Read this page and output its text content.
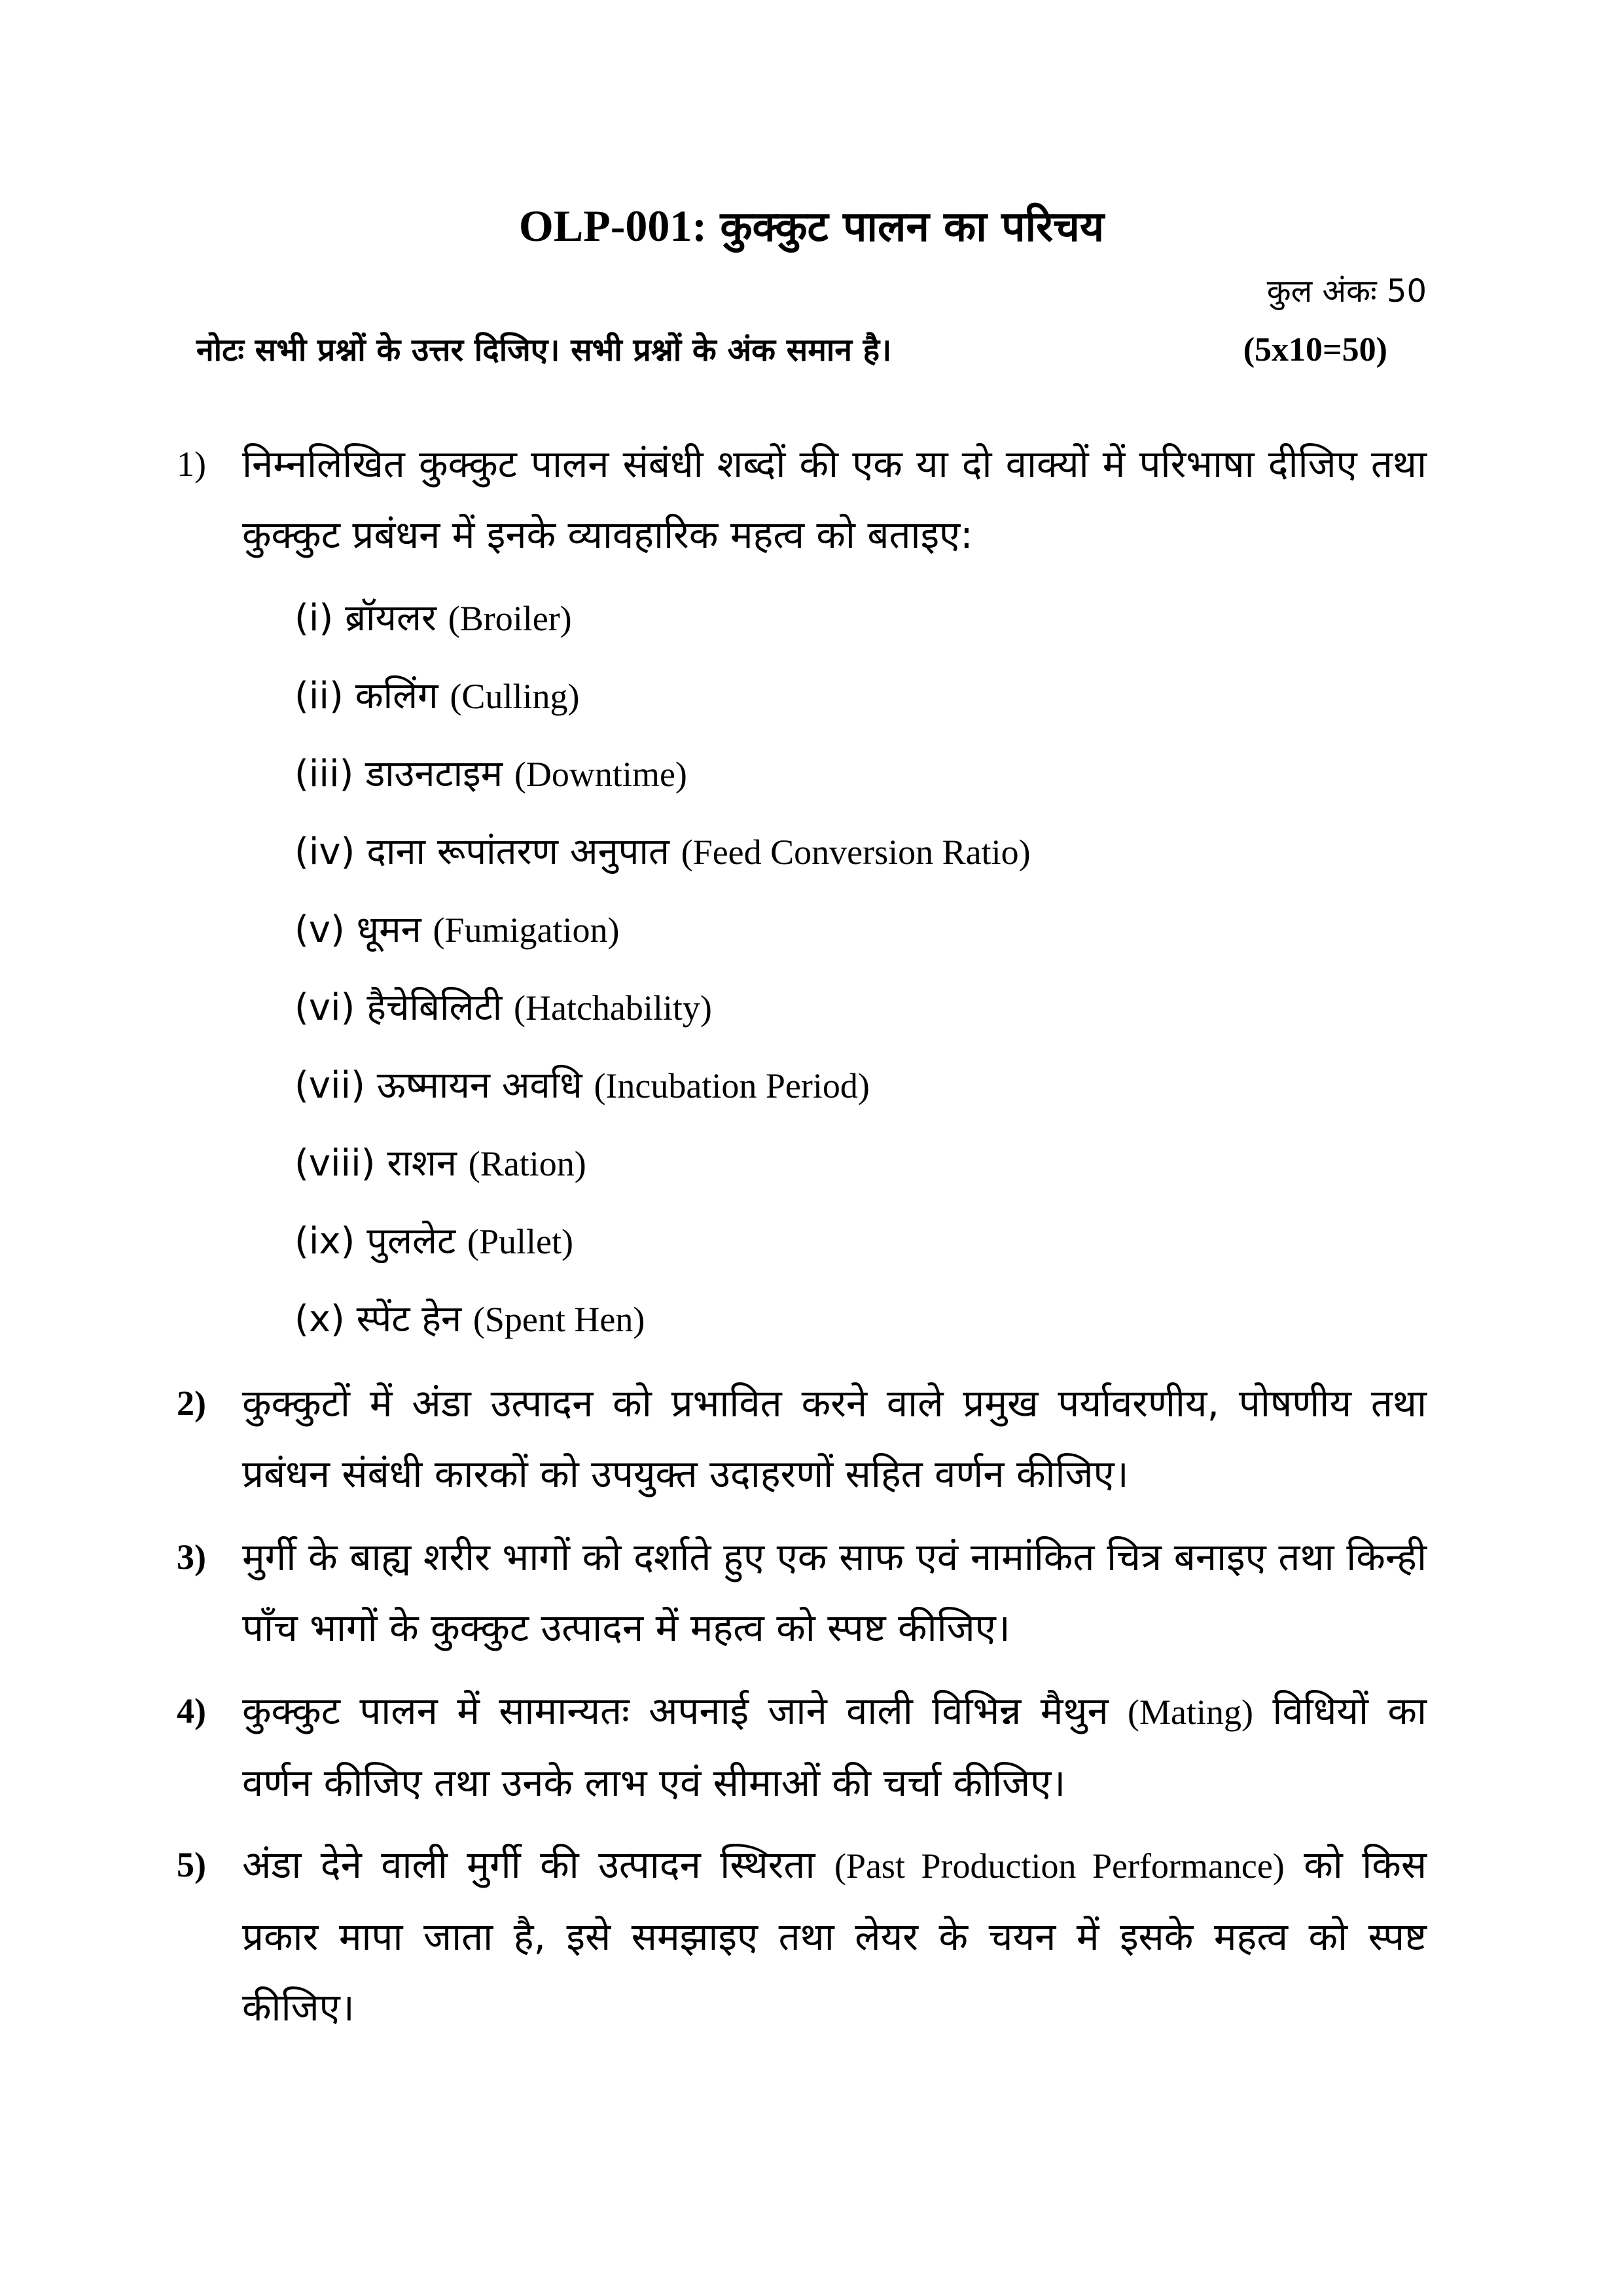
OLP-001: कुक्कुट पालन का परिचय
कुल अंकः 50
नोटः सभी प्रश्नों के उत्तर दिजिए। सभी प्रश्नों के अंक समान है।	(5x10=50)
1) निम्नलिखित कुक्कुट पालन संबंधी शब्दों की एक या दो वाक्यों में परिभाषा दीजिए तथा कुक्कुट प्रबंधन में इनके व्यावहारिक महत्व को बताइए:
(i) ब्रॉयलर (Broiler)
(ii) कलिंग (Culling)
(iii) डाउनटाइम (Downtime)
(iv) दाना रूपांतरण अनुपात (Feed Conversion Ratio)
(v) धूमन (Fumigation)
(vi) हैचेबिलिटी (Hatchability)
(vii) ऊष्मायन अवधि (Incubation Period)
(viii) राशन (Ration)
(ix) पुललेट (Pullet)
(x) स्पेंट हेन (Spent Hen)
2) कुक्कुटों में अंडा उत्पादन को प्रभावित करने वाले प्रमुख पर्यावरणीय, पोषणीय तथा प्रबंधन संबंधी कारकों को उपयुक्त उदाहरणों सहित वर्णन कीजिए।
3) मुर्गी के बाह्य शरीर भागों को दर्शाते हुए एक साफ एवं नामांकित चित्र बनाइए तथा किन्ही पाँच भागों के कुक्कुट उत्पादन में महत्व को स्पष्ट कीजिए।
4) कुक्कुट पालन में सामान्यतः अपनाई जाने वाली विभिन्न मैथुन (Mating) विधियों का वर्णन कीजिए तथा उनके लाभ एवं सीमाओं की चर्चा कीजिए।
5) अंडा देने वाली मुर्गी की उत्पादन स्थिरता (Past Production Performance) को किस प्रकार मापा जाता है, इसे समझाइए तथा लेयर के चयन में इसके महत्व को स्पष्ट कीजिए।
